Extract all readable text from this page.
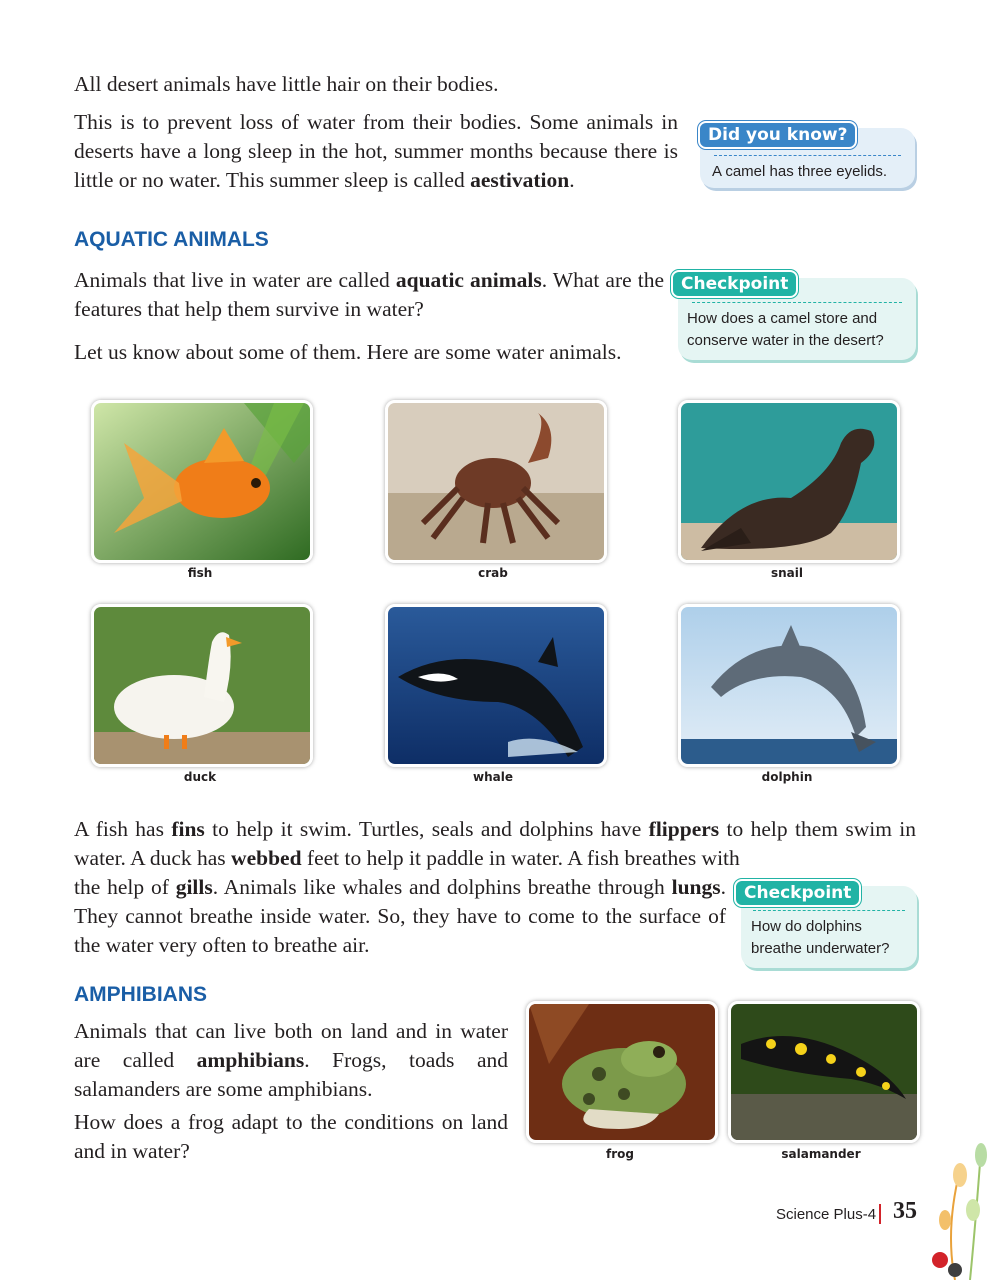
All desert animals have little hair on their bodies.

This is to prevent loss of water from their bodies. Some animals in deserts have a long sleep in the hot, summer months because there is little or no water. This summer sleep is called aestivation.	A camel has three eyelids.
Did you know?
AQUATIC ANIMALS

Animals that live in water are called aquatic animals. What are the features that help them survive in water?

Let us know about some of them. Here are some water animals.

How does a camel store and conserve water in the desert?
Checkpoint
fish	crab	snail
duck	whale	dolphin

A fish has fins to help it swim. Turtles, seals and dolphins have flippers to help them swim in water. A duck has webbed feet to help it paddle in water. A fish breathes with

the help of gills. Animals like whales and dolphins breathe through lungs. They cannot breathe inside water. So, they have to come to the surface of the water very often to breathe air.

How do dolphins breathe underwater?
Checkpoint
AMPHIBIANS

Animals that can live both on land and in water are called amphibians. Frogs, toads and salamanders are some amphibians.

How does a frog adapt to the conditions on land and in water?	frog	salamander
Science Plus-4 35
